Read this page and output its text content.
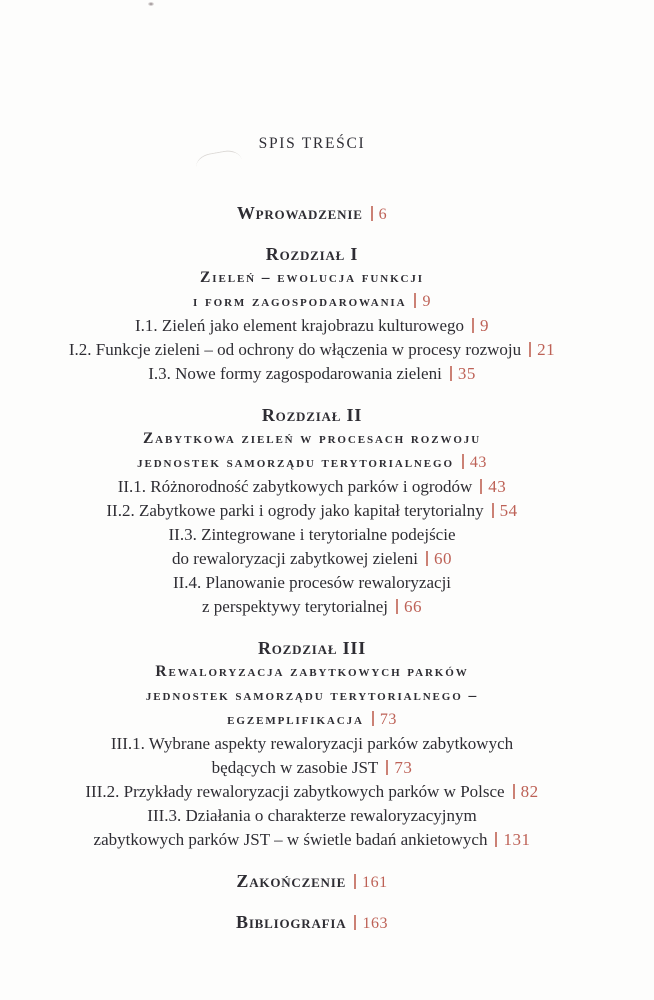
SPIS TREŚCI
Wprowadzenie 6
Rozdział I
Zieleń – ewolucja funkcji
i form zagospodarowania 9
I.1. Zieleń jako element krajobrazu kulturowego 9
I.2. Funkcje zieleni – od ochrony do włączenia w procesy rozwoju 21
I.3. Nowe formy zagospodarowania zieleni 35
Rozdział II
Zabytkowa zieleń w procesach rozwoju
jednostek samorządu terytorialnego 43
II.1. Różnorodność zabytkowych parków i ogrodów 43
II.2. Zabytkowe parki i ogrody jako kapitał terytorialny 54
II.3. Zintegrowane i terytorialne podejście
do rewaloryzacji zabytkowej zieleni 60
II.4. Planowanie procesów rewaloryzacji
z perspektywy terytorialnej 66
Rozdział III
Rewaloryzacja zabytkowych parków
jednostek samorządu terytorialnego –
egzemplifikacja 73
III.1. Wybrane aspekty rewaloryzacji parków zabytkowych
będących w zasobie JST 73
III.2. Przykłady rewaloryzacji zabytkowych parków w Polsce 82
III.3. Działania o charakterze rewaloryzacyjnym
zabytkowych parków JST – w świetle badań ankietowych 131
Zakończenie 161
Bibliografia 163
